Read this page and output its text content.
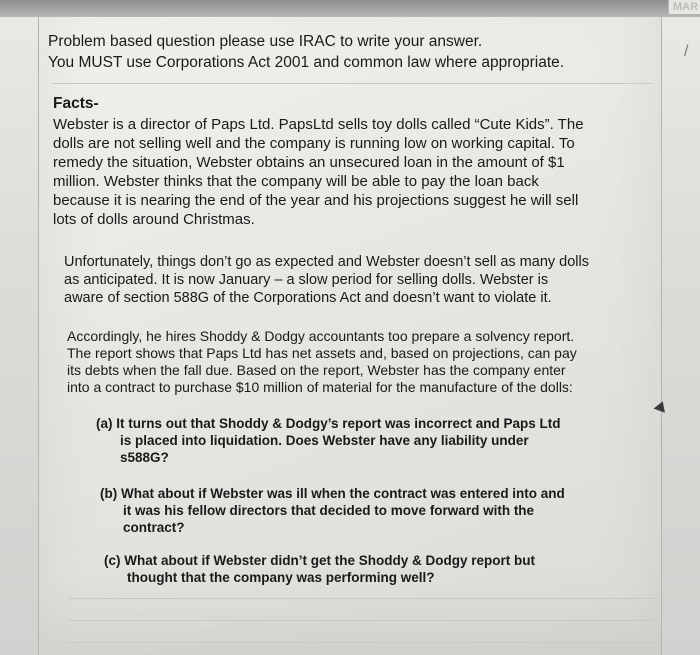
MAR
/
Problem based question please use IRAC to write your answer.
You MUST use Corporations Act 2001 and common law where appropriate.
Facts-
Webster is a director of Paps Ltd. PapsLtd sells toy dolls called “Cute Kids”. The
dolls are not selling well and the company is running low on working capital. To
remedy the situation, Webster obtains an unsecured loan in the amount of $1
million. Webster thinks that the company will be able to pay the loan back
because it is nearing the end of the year and his projections suggest he will sell
lots of dolls around Christmas.
Unfortunately, things don’t go as expected and Webster doesn’t sell as many dolls
as anticipated. It is now January – a slow period for selling dolls. Webster is
aware of section 588G of the Corporations Act and doesn’t want to violate it.
Accordingly, he hires Shoddy & Dodgy accountants too prepare a solvency report.
The report shows that Paps Ltd has net assets and, based on projections, can pay
its debts when the fall due. Based on the report, Webster has the company enter
into a contract to purchase $10 million of material for the manufacture of the dolls:
(a) It turns out that Shoddy & Dodgy’s report was incorrect and Paps Ltd
is placed into liquidation. Does Webster have any liability under
s588G?
(b) What about if Webster was ill when the contract was entered into and
it was his fellow directors that decided to move forward with the
contract?
(c) What about if Webster didn’t get the Shoddy & Dodgy report but
thought that the company was performing well?
